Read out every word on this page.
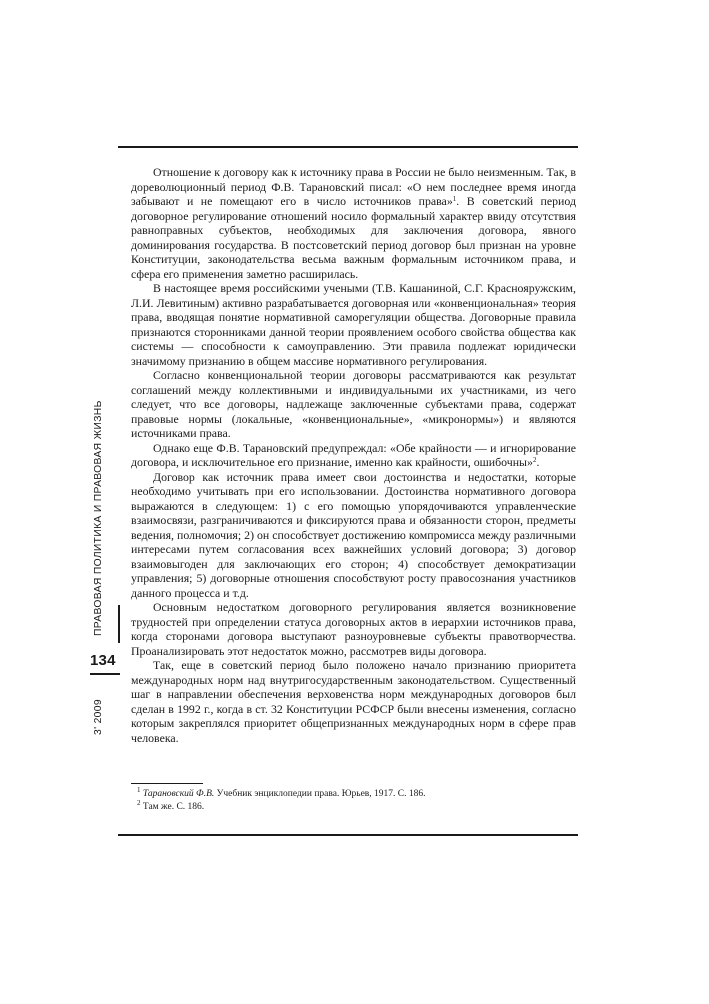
ПРАВОВАЯ ПОЛИТИКА И ПРАВОВАЯ ЖИЗНЬ
134
3' 2009

Отношение к договору как к источнику права в России не было неизменным. Так, в дореволюционный период Ф.В. Тарановский писал: «О нем последнее время иногда забывают и не помещают его в число источников права»$^1$. В советский период договорное регулирование отношений носило формальный характер ввиду отсутствия равноправных субъектов, необходимых для заключения договора, явного доминирования государства. В постсоветский период договор был признан на уровне Конституции, законодательства весьма важным формальным источником права, и сфера его применения заметно расширилась.

В настоящее время российскими учеными (Т.В. Кашаниной, С.Г. Краснояружским, Л.И. Левитиным) активно разрабатывается договорная или «конвенциональная» теория права, вводящая понятие нормативной саморегуляции общества. Договорные правила признаются сторонниками данной теории проявлением особого свойства общества как системы — способности к самоуправлению. Эти правила подлежат юридически значимому признанию в общем массиве нормативного регулирования.

Согласно конвенциональной теории договоры рассматриваются как результат соглашений между коллективными и индивидуальными их участниками, из чего следует, что все договоры, надлежаще заключенные субъектами права, содержат правовые нормы (локальные, «конвенциональные», «микронормы») и являются источниками права.

Однако еще Ф.В. Тарановский предупреждал: «Обе крайности — и игнорирование договора, и исключительное его признание, именно как крайности, ошибочны»$^2$.

Договор как источник права имеет свои достоинства и недостатки, которые необходимо учитывать при его использовании. Достоинства нормативного договора выражаются в следующем: 1) с его помощью упорядочиваются управленческие взаимосвязи, разграничиваются и фиксируются права и обязанности сторон, предметы ведения, полномочия; 2) он способствует достижению компромисса между различными интересами путем согласования всех важнейших условий договора; 3) договор взаимовыгоден для заключающих его сторон; 4) способствует демократизации управления; 5) договорные отношения способствуют росту правосознания участников данного процесса и т.д.

Основным недостатком договорного регулирования является возникновение трудностей при определении статуса договорных актов в иерархии источников права, когда сторонами договора выступают разноуровневые субъекты правотворчества. Проанализировать этот недостаток можно, рассмотрев виды договора.

Так, еще в советский период было положено начало признанию приоритета международных норм над внутригосударственным законодательством. Существенный шаг в направлении обеспечения верховенства норм международных договоров был сделан в 1992 г., когда в ст. 32 Конституции РСФСР были внесены изменения, согласно которым закреплялся приоритет общепризнанных международных норм в сфере прав человека.

$^1$ Тарановский Ф.В. Учебник энциклопедии права. Юрьев, 1917. С. 186.
$^2$ Там же. С. 186.
